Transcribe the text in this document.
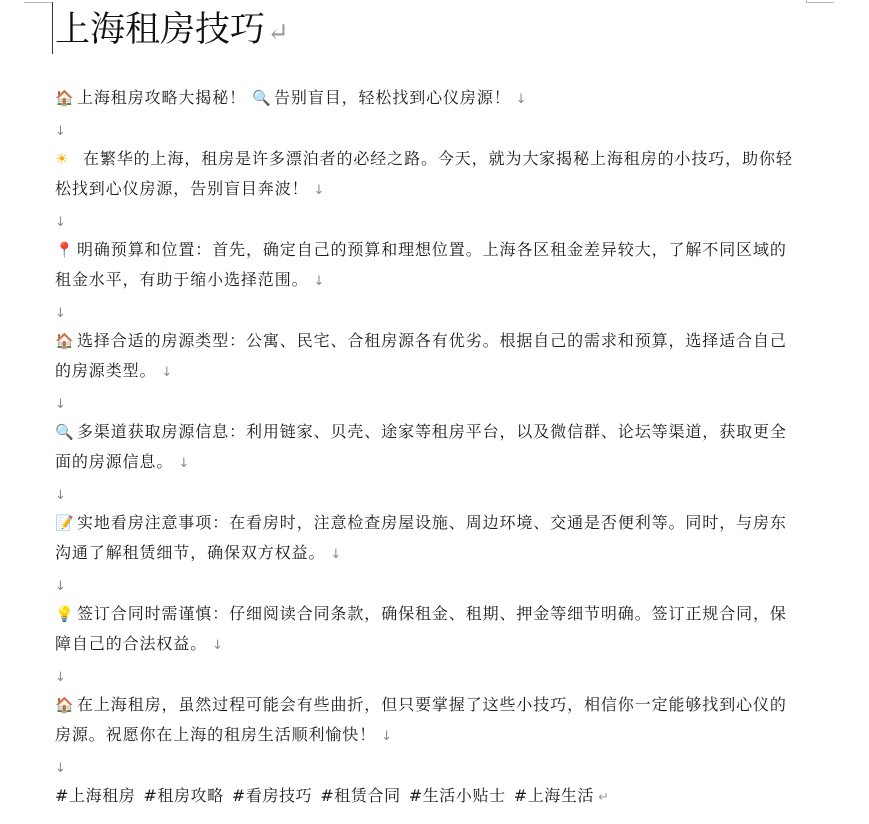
上海租房技巧↵

🏠 上海租房攻略大揭秘！ 🔍 告别盲目，轻松找到心仪房源！ ↓

↓

☀ 在繁华的上海，租房是许多漂泊者的必经之路。今天，就为大家揭秘上海租房的小技巧，助你轻松找到心仪房源，告别盲目奔波！ ↓

↓

📍 明确预算和位置：首先，确定自己的预算和理想位置。上海各区租金差异较大，了解不同区域的租金水平，有助于缩小选择范围。 ↓

↓

🏠 选择合适的房源类型：公寓、民宅、合租房源各有优劣。根据自己的需求和预算，选择适合自己的房源类型。 ↓

↓

🔍 多渠道获取房源信息：利用链家、贝壳、途家等租房平台，以及微信群、论坛等渠道，获取更全面的房源信息。 ↓

↓

📝 实地看房注意事项：在看房时，注意检查房屋设施、周边环境、交通是否便利等。同时，与房东沟通了解租赁细节，确保双方权益。 ↓

↓

💡 签订合同时需谨慎：仔细阅读合同条款，确保租金、租期、押金等细节明确。签订正规合同，保障自己的合法权益。 ↓

↓

🏠 在上海租房，虽然过程可能会有些曲折，但只要掌握了这些小技巧，相信你一定能够找到心仪的房源。祝愿你在上海的租房生活顺利愉快！ ↓

↓
#上海租房 #租房攻略 #看房技巧 #租赁合同 #生活小贴士 #上海生活 ↵
